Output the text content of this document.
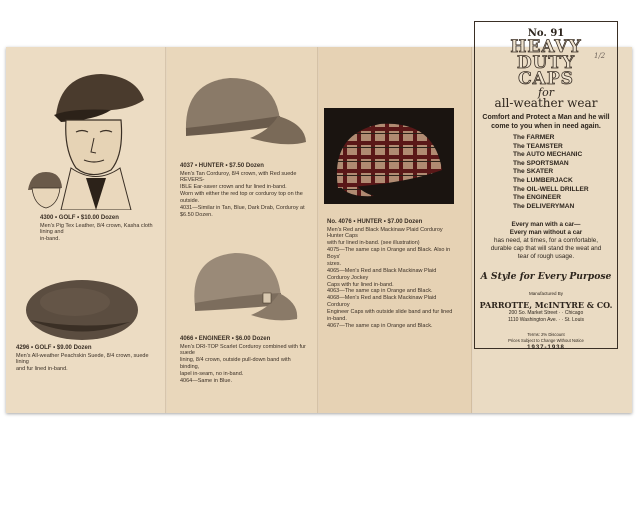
4300 • GOLF • $10.00 Dozen
Men's Pig Tex Leather, 8/4 crown, Kasha cloth lining and
in-band.
4296 • GOLF • $9.00 Dozen
Men's All-weather Peachskin Suede, 8/4 crown, suede lining
and fur lined in-band.
4037 • HUNTER • $7.50 Dozen
Men's Tan Corduroy, 8/4 crown, with Red suede REVERS-
IBLE Ear-saver crown and fur lined in-band.
Worn with either the red top or corduroy top on the outside.
4031—Similar in Tan, Blue, Dark Drab, Corduroy at $6.50 Dozen.
4066 • ENGINEER • $6.00 Dozen
Men's DRI-TOP Scarlet Corduroy combined with fur suede
lining, 8/4 crown, outside pull-down band with binding,
lapel in-seam, no in-band.
4064—Same in Blue.
No. 4076 • HUNTER • $7.00 Dozen
Men's Red and Black Mackinaw Plaid Corduroy Hunter Caps
with fur lined in-band. (see illustration)
4075—The same cap in Orange and Black. Also in Boys'
sizes.
4065—Men's Red and Black Mackinaw Plaid Corduroy Jockey
Caps with fur lined in-band.
4063—The same cap in Orange and Black.
4068—Men's Red and Black Mackinaw Plaid Corduroy
Engineer Caps with outside slide band and fur lined in-band.
4067—The same cap in Orange and Black.
1/2
No. 91
HEAVY
DUTY
CAPS
for
all-weather wear
Comfort and Protect a Man and he will come to you when in need again.
The FARMER
The TEAMSTER
The AUTO MECHANIC
The SPORTSMAN
The SKATER
The LUMBERJACK
The OIL-WELL DRILLER
The ENGINEER
The DELIVERYMAN
Every man with a car—
Every man without a car
has need, at times, for a comfortable, durable cap that will stand the weat and tear of rough usage.
A Style for Every Purpose
Manufactured By
PARROTTE, McINTYRE & CO.
200 So. Market Street · · Chicago
1110 Washington Ave. · · St. Louis
Terms: 2% Discount
Prices Subject to Change Without Notice
1937-1938
